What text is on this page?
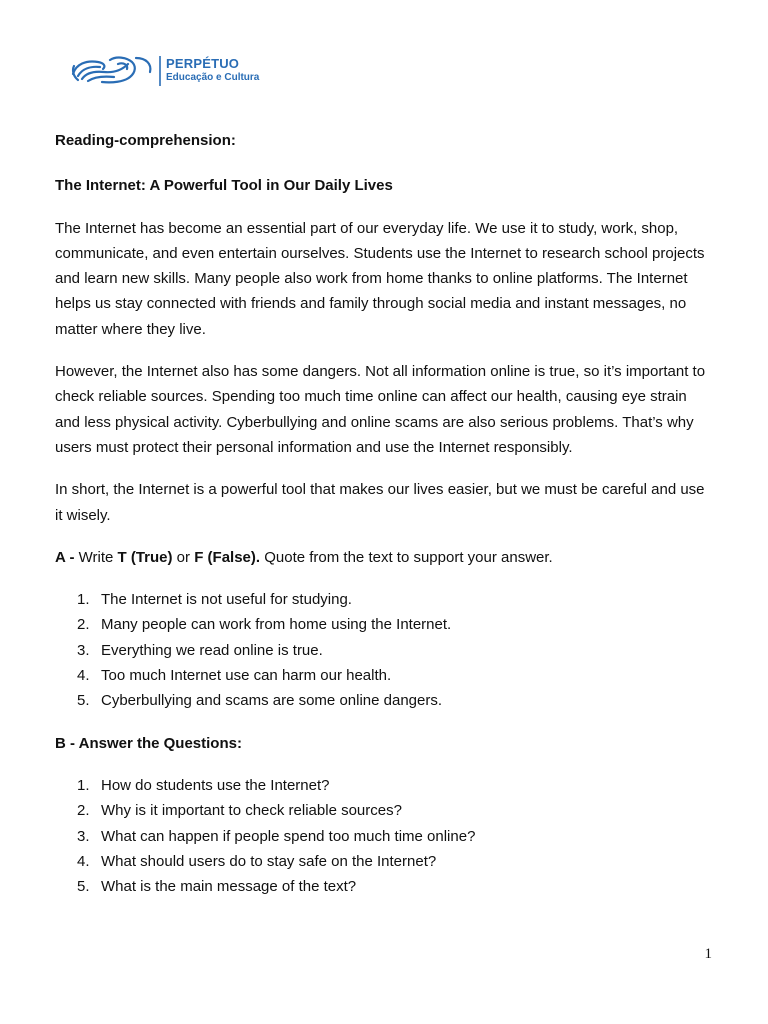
PERPÉTUO
Educação e Cultura

Reading-comprehension:

The Internet: A Powerful Tool in Our Daily Lives

The Internet has become an essential part of our everyday life. We use it to study, work, shop, communicate, and even entertain ourselves. Students use the Internet to research school projects and learn new skills. Many people also work from home thanks to online platforms. The Internet helps us stay connected with friends and family through social media and instant messages, no matter where they live.

However, the Internet also has some dangers. Not all information online is true, so it’s important to check reliable sources. Spending too much time online can affect our health, causing eye strain and less physical activity. Cyberbullying and online scams are also serious problems. That’s why users must protect their personal information and use the Internet responsibly.

In short, the Internet is a powerful tool that makes our lives easier, but we must be careful and use it wisely.

A - Write T (True) or F (False). Quote from the text to support your answer.

1. The Internet is not useful for studying.
2. Many people can work from home using the Internet.
3. Everything we read online is true.
4. Too much Internet use can harm our health.
5. Cyberbullying and scams are some online dangers.

B - Answer the Questions:

1. How do students use the Internet?
2. Why is it important to check reliable sources?
3. What can happen if people spend too much time online?
4. What should users do to stay safe on the Internet?
5. What is the main message of the text?
1
